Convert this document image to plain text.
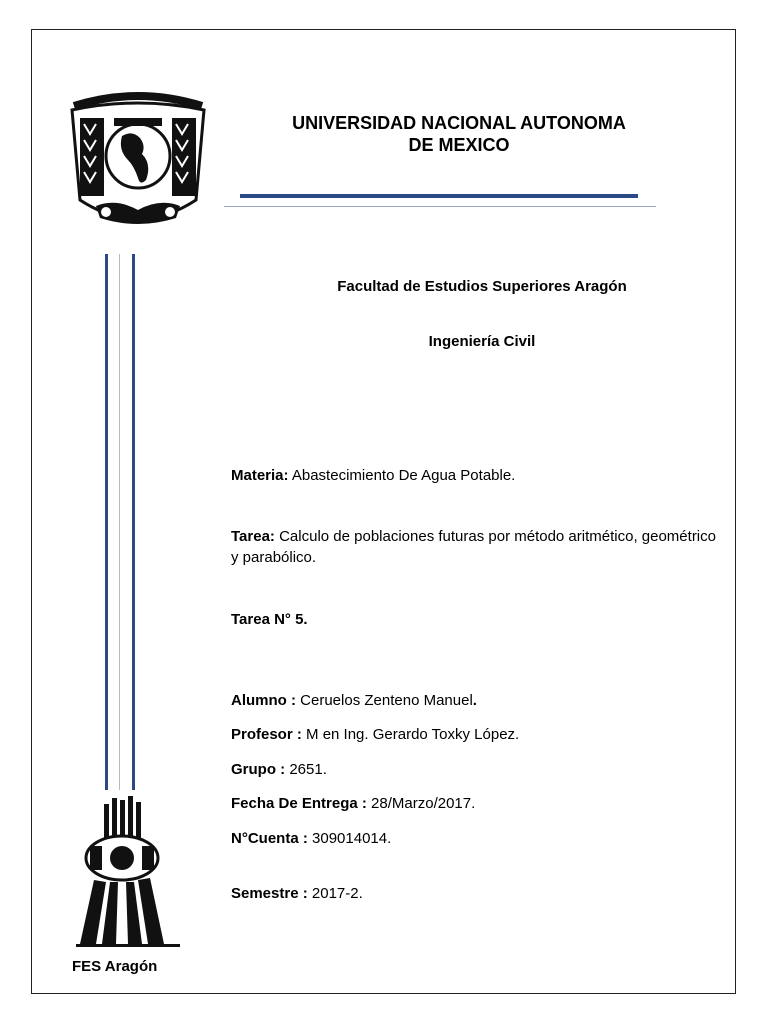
UNIVERSIDAD NACIONAL AUTONOMA
DE MEXICO
Facultad de Estudios Superiores Aragón
Ingeniería Civil
Materia: Abastecimiento De Agua Potable.
Tarea: Calculo de poblaciones futuras por método aritmético, geométrico y parabólico.
Tarea N° 5.
Alumno : Ceruelos Zenteno Manuel.
Profesor : M en Ing. Gerardo Toxky López.
Grupo : 2651.
Fecha De Entrega : 28/Marzo/2017.
N°Cuenta : 309014014.
Semestre : 2017-2.
FES Aragón
